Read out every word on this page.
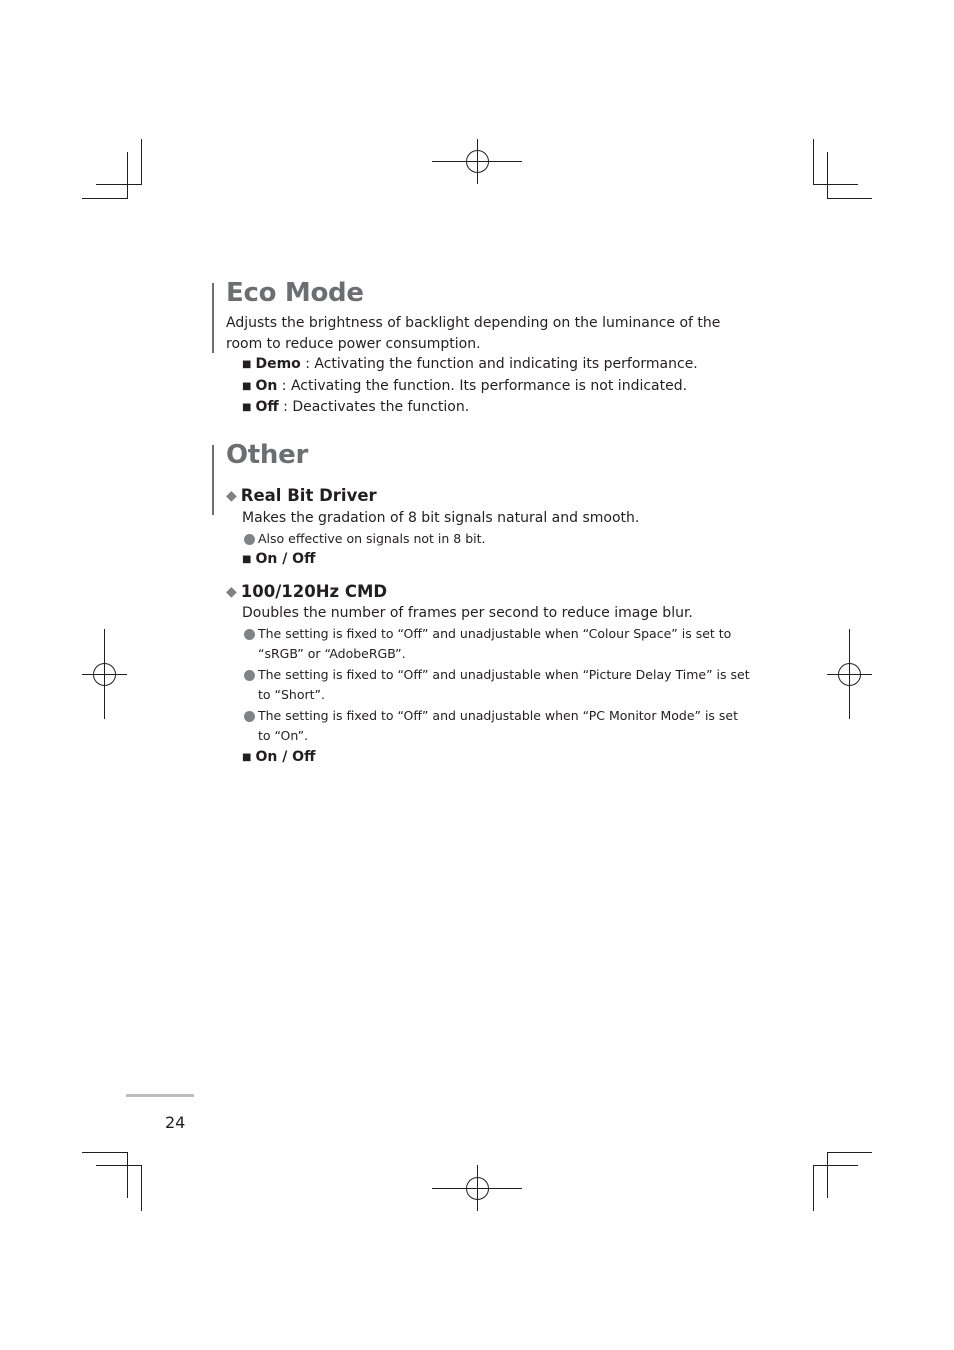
Eco Mode
Adjusts the brightness of backlight depending on the luminance of the
room to reduce power consumption.
■ Demo : Activating the function and indicating its performance.
■ On : Activating the function. Its performance is not indicated.
■ Off : Deactivates the function.
Other
◆ Real Bit Driver
Makes the gradation of 8 bit signals natural and smooth.
Also effective on signals not in 8 bit.
■ On / Off
◆ 100/120Hz CMD
Doubles the number of frames per second to reduce image blur.
The setting is fixed to “Off” and unadjustable when “Colour Space” is set to
“sRGB” or “AdobeRGB”.
The setting is fixed to “Off” and unadjustable when “Picture Delay Time” is set
to “Short”.
The setting is fixed to “Off” and unadjustable when “PC Monitor Mode” is set
to “On”.
■ On / Off
24
